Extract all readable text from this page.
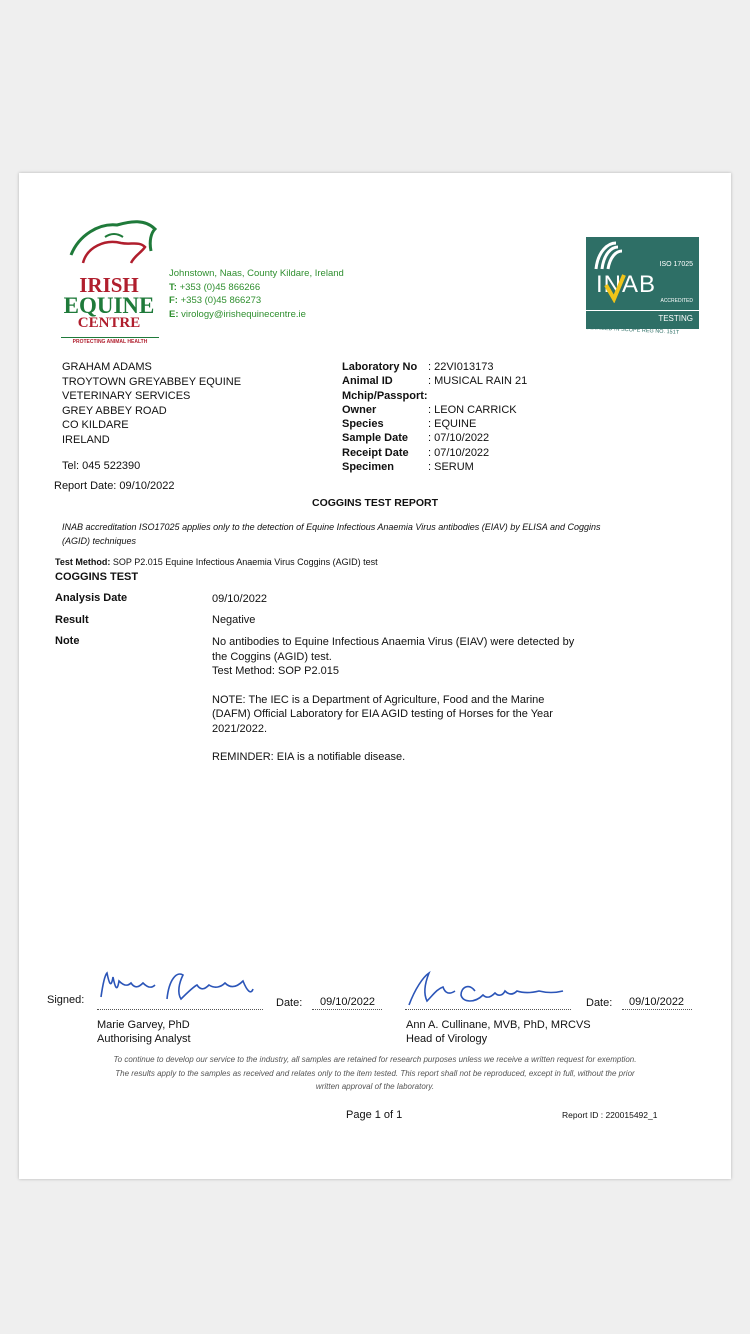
IRISH
EQUINE
CENTRE
PROTECTING ANIMAL HEALTH
Johnstown, Naas, County Kildare, Ireland
T: +353 (0)45 866266
F: +353 (0)45 866273
E: virology@irishequinecentre.ie
ISO 17025
INAB
ACCREDITED
TESTING
DETAILED IN SCOPE REG NO. 151T
GRAHAM ADAMS
TROYTOWN GREYABBEY EQUINE
VETERINARY SERVICES
GREY ABBEY ROAD
CO KILDARE
IRELAND
Tel: 045 522390
Report Date: 09/10/2022
Laboratory No : 22VI013173
Animal ID	: MUSICAL RAIN 21
Mchip/Passport:
Owner	: LEON CARRICK
Species	: EQUINE
Sample Date : 07/10/2022
Receipt Date : 07/10/2022
Specimen	: SERUM
COGGINS TEST REPORT
INAB accreditation ISO17025 applies only to the detection of Equine Infectious Anaemia Virus antibodies (EIAV) by ELISA and Coggins (AGID) techniques
Test Method: SOP P2.015 Equine Infectious Anaemia Virus Coggins (AGID) test
COGGINS TEST
Analysis Date	09/10/2022
Result	Negative
Note	No antibodies to Equine Infectious Anaemia Virus (EIAV) were detected by
the Coggins (AGID) test.
Test Method: SOP P2.015
NOTE: The IEC is a Department of Agriculture, Food and the Marine
(DAFM) Official Laboratory for EIA AGID testing of Horses for the Year
2021/2022.
REMINDER: EIA is a notifiable disease.
Signed:	Date: 09/10/2022
Marie Garvey, PhD
Authorising Analyst
Date: 09/10/2022
Ann A. Cullinane, MVB, PhD, MRCVS
Head of Virology
To continue to develop our service to the industry, all samples are retained for research purposes unless we receive a written request for exemption.
The results apply to the samples as received and relates only to the item tested. This report shall not be reproduced, except in full, without the prior
written approval of the laboratory.
Page 1 of 1	Report ID : 220015492_1
